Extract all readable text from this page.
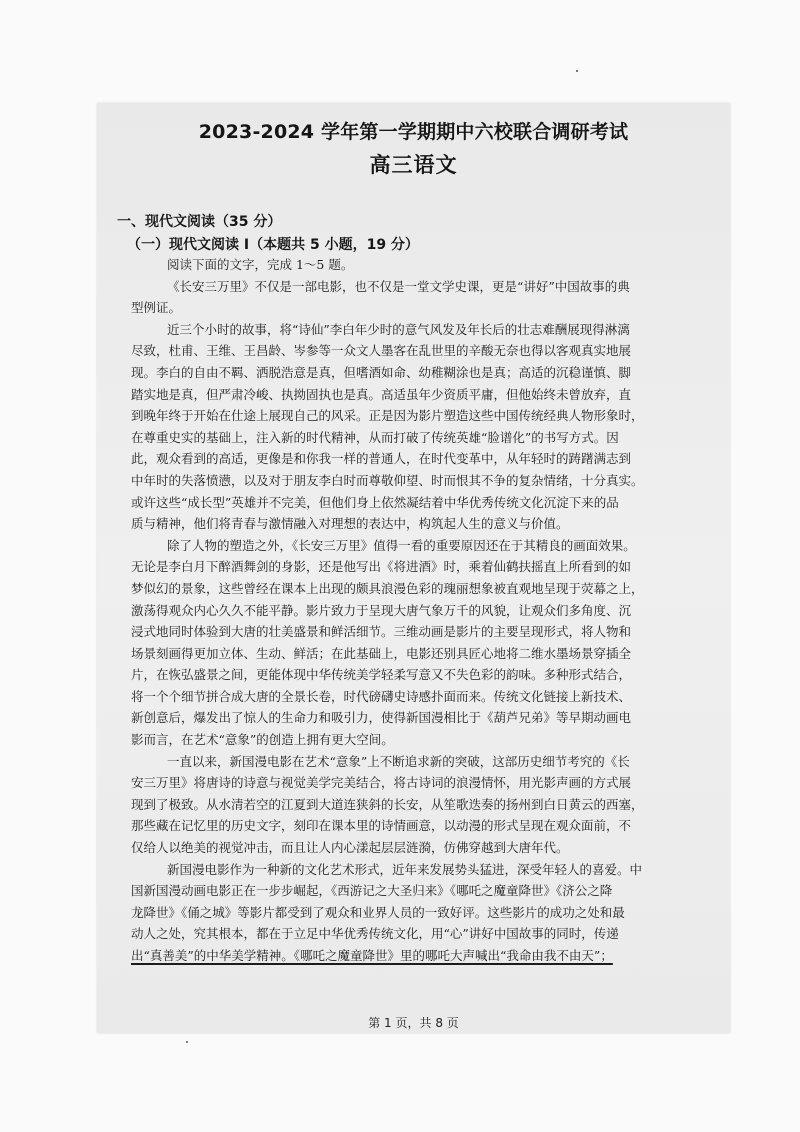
2023-2024 学年第一学期期中六校联合调研考试
高三语文
一、现代文阅读（35 分）
（一）现代文阅读 I（本题共 5 小题，19 分）
阅读下面的文字，完成 1～5 题。
《长安三万里》不仅是一部电影，也不仅是一堂文学史课，更是“讲好”中国故事的典
型例证。
近三个小时的故事，将“诗仙”李白年少时的意气风发及年长后的壮志难酬展现得淋漓
尽致，杜甫、王维、王昌龄、岑参等一众文人墨客在乱世里的辛酸无奈也得以客观真实地展
现。李白的自由不羁、洒脱浩意是真，但嗜酒如命、幼稚糊涂也是真；高适的沉稳谨慎、脚
踏实地是真，但严肃冷峻、执拗固执也是真。高适虽年少资质平庸，但他始终未曾放弃，直
到晚年终于开始在仕途上展现自己的风采。正是因为影片塑造这些中国传统经典人物形象时，
在尊重史实的基础上，注入新的时代精神，从而打破了传统英雄“脸谱化”的书写方式。因
此，观众看到的高适，更像是和你我一样的普通人，在时代变革中，从年轻时的踌躇满志到
中年时的失落愤懑，以及对于朋友李白时而尊敬仰望、时而恨其不争的复杂情绪，十分真实。
或许这些“成长型”英雄并不完美，但他们身上依然凝结着中华优秀传统文化沉淀下来的品
质与精神，他们将青春与激情融入对理想的表达中，构筑起人生的意义与价值。
除了人物的塑造之外，《长安三万里》值得一看的重要原因还在于其精良的画面效果。
无论是李白月下醉酒舞剑的身影，还是他写出《将进酒》时，乘着仙鹤扶摇直上所看到的如
梦似幻的景象，这些曾经在课本上出现的颇具浪漫色彩的瑰丽想象被直观地呈现于荧幕之上，
激荡得观众内心久久不能平静。影片致力于呈现大唐气象万千的风貌，让观众们多角度、沉
浸式地同时体验到大唐的壮美盛景和鲜活细节。三维动画是影片的主要呈现形式，将人物和
场景刻画得更加立体、生动、鲜活；在此基础上，电影还别具匠心地将二维水墨场景穿插全
片，在恢弘盛景之间，更能体现中华传统美学轻柔写意又不失色彩的韵味。多种形式结合，
将一个个细节拼合成大唐的全景长卷，时代磅礴史诗感扑面而来。传统文化链接上新技术、
新创意后，爆发出了惊人的生命力和吸引力，使得新国漫相比于《葫芦兄弟》等早期动画电
影而言，在艺术“意象”的创造上拥有更大空间。
一直以来，新国漫电影在艺术“意象”上不断追求新的突破，这部历史细节考究的《长
安三万里》将唐诗的诗意与视觉美学完美结合，将古诗词的浪漫情怀，用光影声画的方式展
现到了极致。从水清若空的江夏到大道连狭斜的长安，从笙歌迭奏的扬州到白日黄云的西塞，
那些藏在记忆里的历史文字，刻印在课本里的诗情画意，以动漫的形式呈现在观众面前，不
仅给人以绝美的视觉冲击，而且让人内心漾起层层涟漪，仿佛穿越到大唐年代。
新国漫电影作为一种新的文化艺术形式，近年来发展势头猛进，深受年轻人的喜爱。中
国新国漫动画电影正在一步步崛起，《西游记之大圣归来》《哪吒之魔童降世》《济公之降
龙降世》《俑之城》等影片都受到了观众和业界人员的一致好评。这些影片的成功之处和最
动人之处，究其根本，都在于立足中华优秀传统文化，用“心”讲好中国故事的同时，传递
出“真善美”的中华美学精神。《哪吒之魔童降世》里的哪吒大声喊出“我命由我不由天”；
第 1 页，共 8 页
